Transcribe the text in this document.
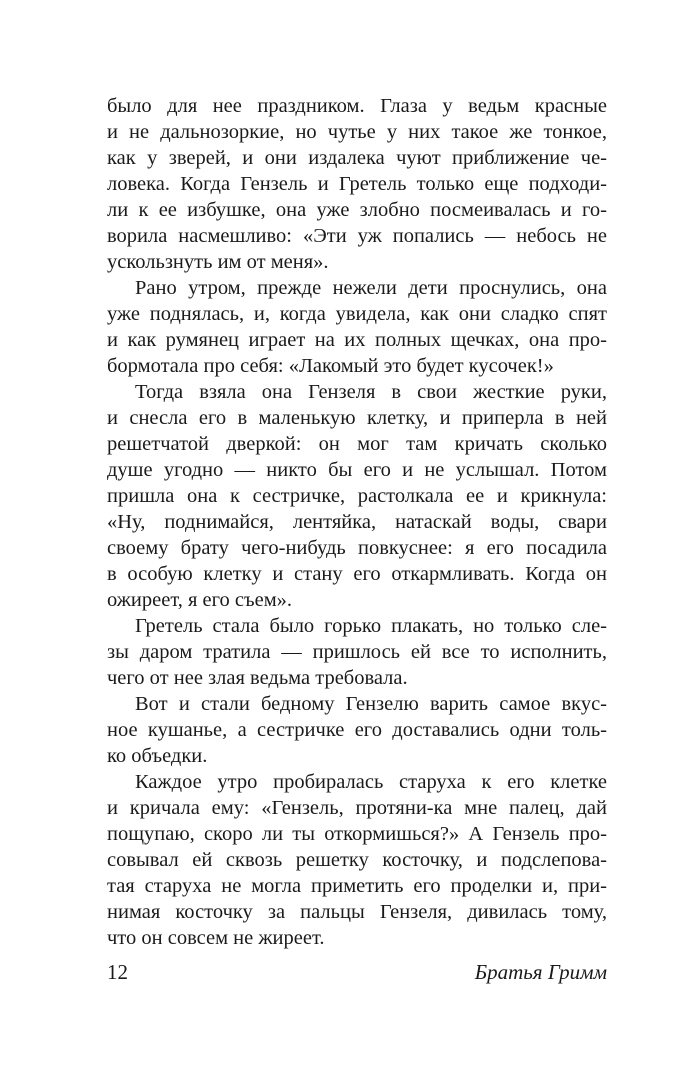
было для нее праздником. Глаза у ведьм красные
и не дальнозоркие, но чутье у них такое же тонкое,
как у зверей, и они издалека чуют приближение че-
ловека. Когда Гензель и Гретель только еще подходи-
ли к ее избушке, она уже злобно посмеивалась и го-
ворила насмешливо: «Эти уж попались — небось не
ускользнуть им от меня».
Рано утром, прежде нежели дети проснулись, она
уже поднялась, и, когда увидела, как они сладко спят
и как румянец играет на их полных щечках, она про-
бормотала про себя: «Лакомый это будет кусочек!»
Тогда взяла она Гензеля в свои жесткие руки,
и снесла его в маленькую клетку, и приперла в ней
решетчатой дверкой: он мог там кричать сколько
душе угодно — никто бы его и не услышал. Потом
пришла она к сестричке, растолкала ее и крикнула:
«Ну, поднимайся, лентяйка, натаскай воды, свари
своему брату чего-нибудь повкуснее: я его посадила
в особую клетку и стану его откармливать. Когда он
ожиреет, я его съем».
Гретель стала было горько плакать, но только сле-
зы даром тратила — пришлось ей все то исполнить,
чего от нее злая ведьма требовала.
Вот и стали бедному Гензелю варить самое вкус-
ное кушанье, а сестричке его доставались одни толь-
ко объедки.
Каждое утро пробиралась старуха к его клетке
и кричала ему: «Гензель, протяни-ка мне палец, дай
пощупаю, скоро ли ты откормишься?» А Гензель про-
совывал ей сквозь решетку косточку, и подслепова-
тая старуха не могла приметить его проделки и, при-
нимая косточку за пальцы Гензеля, дивилась тому,
что он совсем не жиреет.
12	Братья Гримм
